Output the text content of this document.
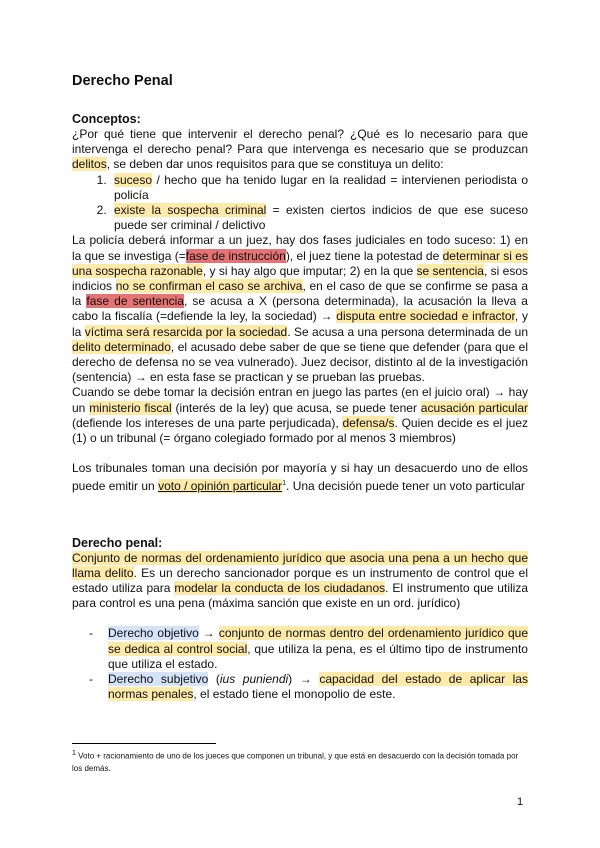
Derecho Penal
Conceptos:

¿Por qué tiene que intervenir el derecho penal? ¿Qué es lo necesario para que intervenga el derecho penal? Para que intervenga es necesario que se produzcan delitos, se deben dar unos requisitos para que se constituya un delito:

1. suceso / hecho que ha tenido lugar en la realidad = intervienen periodista o policía
2. existe la sospecha criminal = existen ciertos indicios de que ese suceso puede ser criminal / delictivo

La policía deberá informar a un juez, hay dos fases judiciales en todo suceso: 1) en la que se investiga (=fase de instrucción), el juez tiene la potestad de determinar si es una sospecha razonable, y si hay algo que imputar; 2) en la que se sentencia, si esos indicios no se confirman el caso se archiva, en el caso de que se confirme se pasa a la fase de sentencia, se acusa a X (persona determinada), la acusación la lleva a cabo la fiscalía (=defiende la ley, la sociedad) → disputa entre sociedad e infractor, y la víctima será resarcida por la sociedad. Se acusa a una persona determinada de un delito determinado, el acusado debe saber de que se tiene que defender (para que el derecho de defensa no se vea vulnerado). Juez decisor, distinto al de la investigación (sentencia) → en esta fase se practican y se prueban las pruebas.

Cuando se debe tomar la decisión entran en juego las partes (en el juicio oral) → hay un ministerio fiscal (interés de la ley) que acusa, se puede tener acusación particular (defiende los intereses de una parte perjudicada), defensa/s. Quien decide es el juez (1) o un tribunal (= órgano colegiado formado por al menos 3 miembros)

Los tribunales toman una decisión por mayoría y si hay un desacuerdo uno de ellos puede emitir un voto / opinión particular$^1$. Una decisión puede tener un voto particular

Derecho penal:

Conjunto de normas del ordenamiento jurídico que asocia una pena a un hecho que llama delito. Es un derecho sancionador porque es un instrumento de control que el estado utiliza para modelar la conducta de los ciudadanos. El instrumento que utiliza para control es una pena (máxima sanción que existe en un ord. jurídico)

- Derecho objetivo → conjunto de normas dentro del ordenamiento jurídico que se dedica al control social, que utiliza la pena, es el último tipo de instrumento que utiliza el estado.
- Derecho subjetivo (ius puniendi) → capacidad del estado de aplicar las normas penales, el estado tiene el monopolio de este.
$^1$ Voto + racionamiento de uno de los jueces que componen un tribunal, y que está en desacuerdo con la decisión tomada por los demás.
1
